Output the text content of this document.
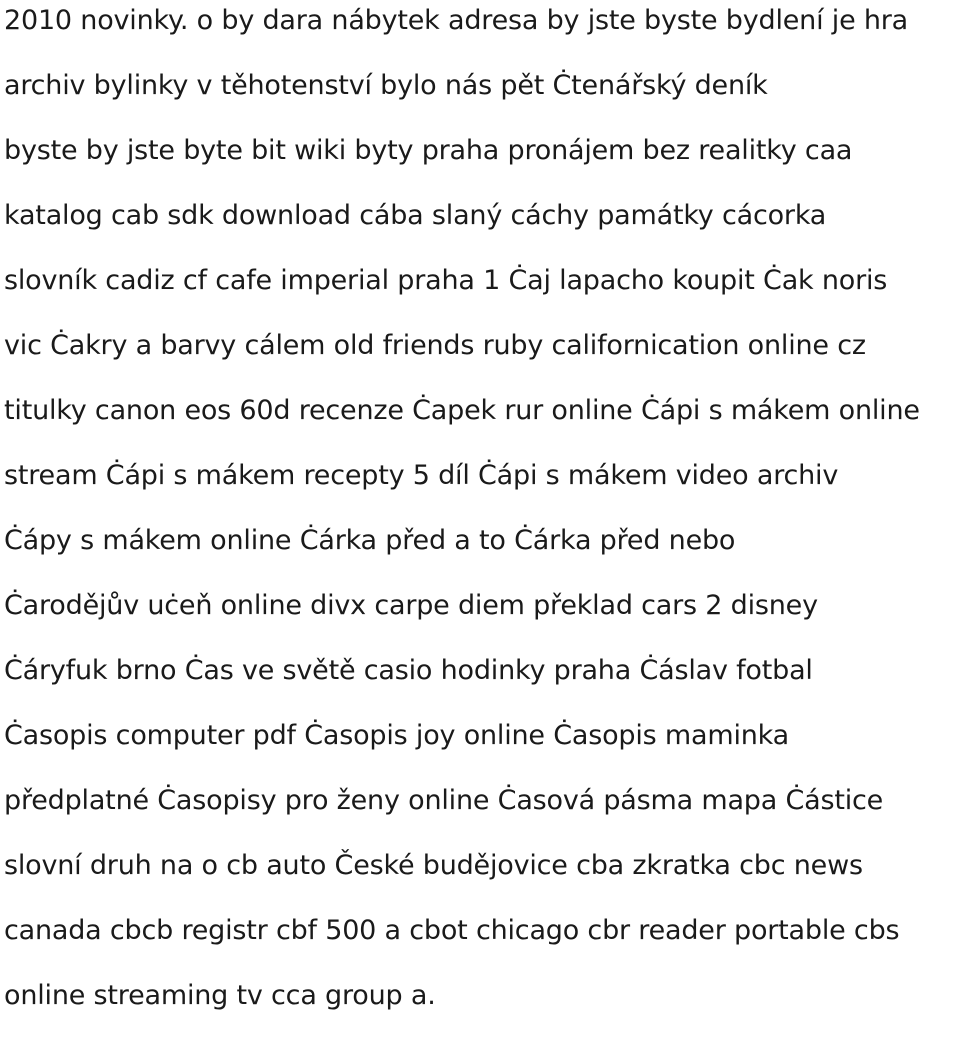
2010 novinky. o by dara nábytek adresa by jste byste bydlení je hra
archiv bylinky v těhotenství bylo nás pět Ċtenářský deník
byste by jste byte bit wiki byty praha pronájem bez realitky caa
katalog cab sdk download cába slaný cáchy památky cácorka
slovník cadiz cf cafe imperial praha 1 Ċaj lapacho koupit Ċak noris
vic Ċakry a barvy cálem old friends ruby californication online cz
titulky canon eos 60d recenze Ċapek rur online Ċápi s mákem online
stream Ċápi s mákem recepty 5 díl Ċápi s mákem video archiv
Ċápy s mákem online Ċárka před a to Ċárka před nebo
Ċarodějův uċeň online divx carpe diem překlad cars 2 disney
Ċáryfuk brno Ċas ve světě casio hodinky praha Ċáslav fotbal
Ċasopis computer pdf Ċasopis joy online Ċasopis maminka
předplatné Ċasopisy pro ženy online Ċasová pásma mapa Ċástice
slovní druh na o cb auto České budějovice cba zkratka cbc news
canada cbcb registr cbf 500 a cbot chicago cbr reader portable cbs
online streaming tv cca group a.
